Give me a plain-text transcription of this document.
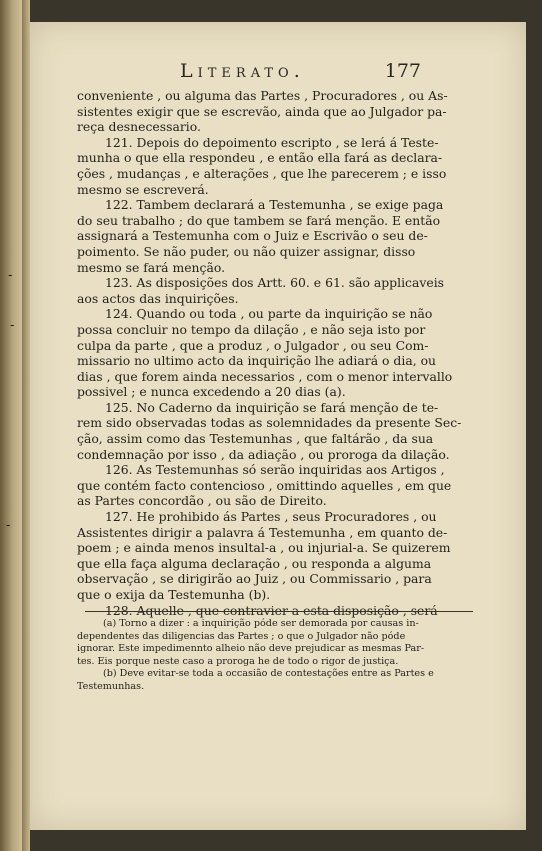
Literato.	177
conveniente , ou alguma das Partes , Procuradores , ou As-
sistentes exigir que se escrevão, ainda que ao Julgador pa-
reça desnecessario.
121. Depois do depoimento escripto , se lerá á Teste-
munha o que ella respondeu , e então ella fará as declara-
ções , mudanças , e alterações , que lhe parecerem ; e isso
mesmo se escreverá.
122. Tambem declarará a Testemunha , se exige paga
do seu trabalho ; do que tambem se fará menção. E então
assignará a Testemunha com o Juiz e Escrivão o seu de-
poimento. Se não puder, ou não quizer assignar, disso
mesmo se fará menção.
123. As disposições dos Artt. 60. e 61. são applicaveis
aos actos das inquirições.
124. Quando ou toda , ou parte da inquirição se não
possa concluir no tempo da dilação , e não seja isto por
culpa da parte , que a produz , o Julgador , ou seu Com-
missario no ultimo acto da inquirição lhe adiará o dia, ou
dias , que forem ainda necessarios , com o menor intervallo
possivel ; e nunca excedendo a 20 dias (a).
125. No Caderno da inquirição se fará menção de te-
rem sido observadas todas as solemnidades da presente Sec-
ção, assim como das Testemunhas , que faltárão , da sua
condemnação por isso , da adiação , ou proroga da dilação.
126. As Testemunhas só serão inquiridas aos Artigos ,
que contém facto contencioso , omittindo aquelles , em que
as Partes concordão , ou são de Direito.
127. He prohibido ás Partes , seus Procuradores , ou
Assistentes dirigir a palavra á Testemunha , em quanto de-
poem ; e ainda menos insultal-a , ou injurial-a. Se quizerem
que ella faça alguma declaração , ou responda a alguma
observação , se dirigirão ao Juiz , ou Commissario , para
que o exija da Testemunha (b).
(a) Torno a dizer : a inquirição póde ser demorada por causas in-
dependentes das diligencias das Partes ; o que o Julgador não póde
ignorar. Este impedimennto alheio não deve prejudicar as mesmas Par-
tes. Eis porque neste caso a proroga he de todo o rigor de justiça.
(b) Deve evitar-se toda a occasião de contestações entre as Partes e
Testemunhas.
-
-
-
